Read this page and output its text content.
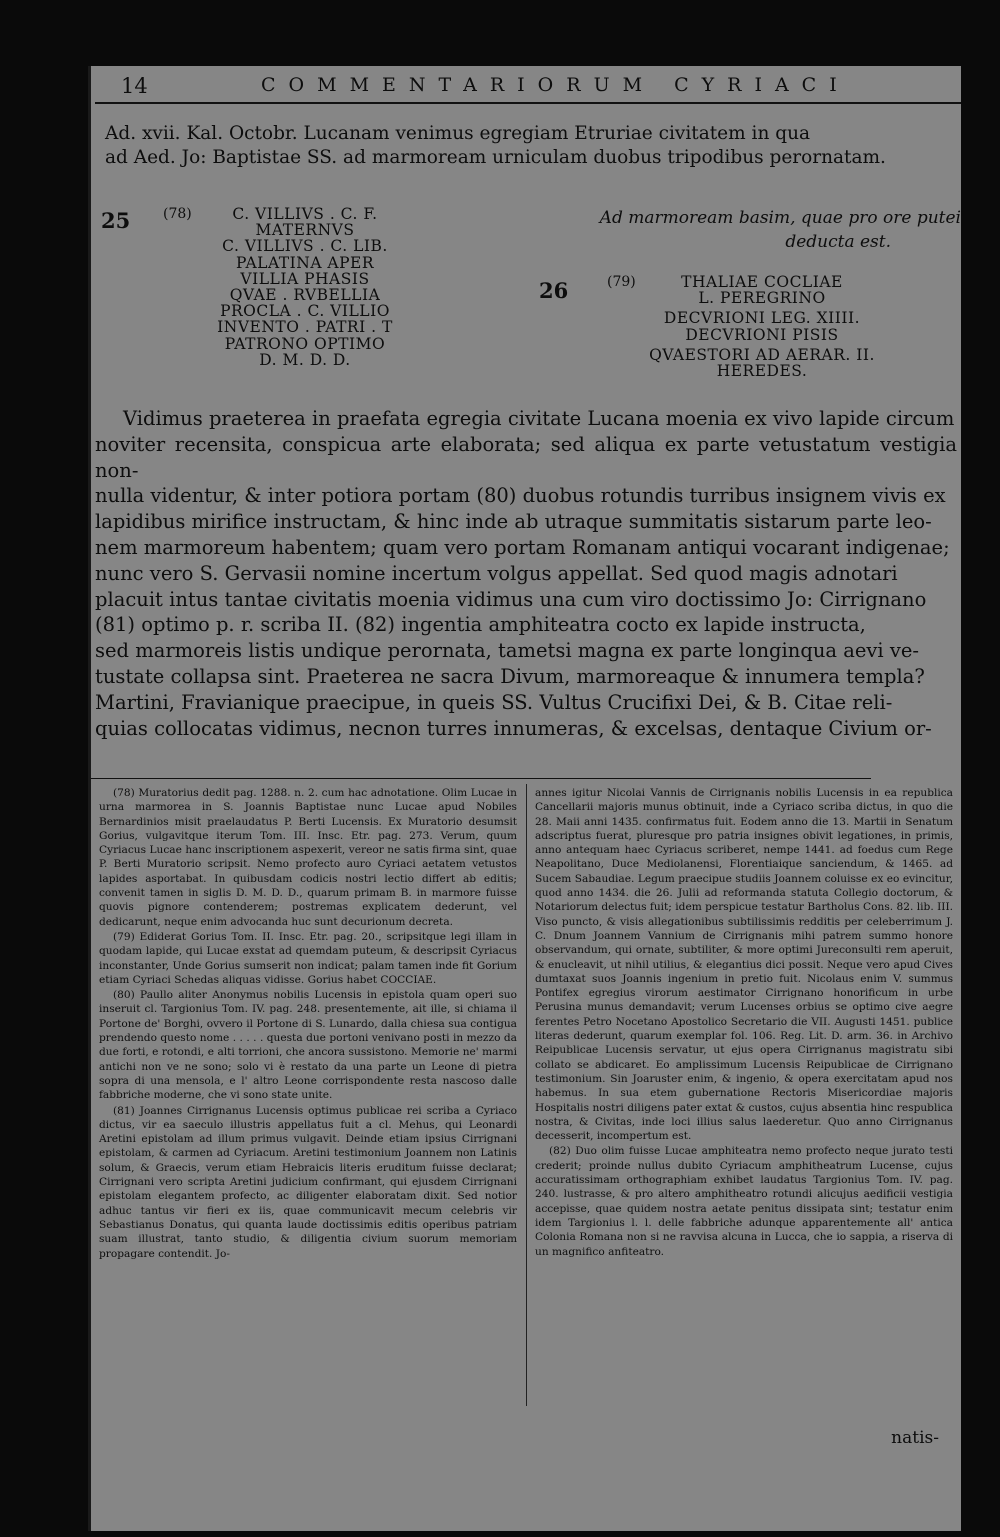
14	COMMENTARIORUM CYRIACI
Ad. xvii. Kal. Octobr. Lucanam venimus egregiam Etruriae civitatem in qua
ad Aed. Jo: Baptistae SS. ad marmoream urniculam duobus tripodibus perornatam.
25 (78)	C. VILLIVS . C. F.
MATERNVS
C. VILLIVS . C. LIB.
PALATINA APER
VILLIA PHASIS
QVAE . RVBELLIA
PROCLA . C. VILLIO
INVENTO . PATRI . T
PATRONO OPTIMO
D. M. D. D.
Ad marmoream basim, quae pro ore putei
deducta est.
26	(79)	THALIAE COCLIAE
L. PEREGRINO
DECVRIONI LEG. XIIII.
DECVRIONI PISIS
QVAESTORI AD AERAR. II.
HEREDES.

Vidimus praeterea in praefata egregia civitate Lucana moenia ex vivo lapide circum

noviter recensita, conspicua arte elaborata; sed aliqua ex parte vetustatum vestigia non-

nulla videntur, & inter potiora portam (80) duobus rotundis turribus insignem vivis ex

lapidibus mirifice instructam, & hinc inde ab utraque summitatis sistarum parte leo-

nem marmoreum habentem; quam vero portam Romanam antiqui vocarant indigenae;

nunc vero S. Gervasii nomine incertum volgus appellat. Sed quod magis adnotari

placuit intus tantae civitatis moenia vidimus una cum viro doctissimo Jo: Cirrignano

(81) optimo p. r. scriba II. (82) ingentia amphiteatra cocto ex lapide instructa,

sed marmoreis listis undique perornata, tametsi magna ex parte longinqua aevi ve-

tustate collapsa sint. Praeterea ne sacra Divum, marmoreaque & innumera templa?

Martini, Fravianique praecipue, in queis SS. Vultus Crucifixi Dei, & B. Citae reli-

quias collocatas vidimus, necnon turres innumeras, & excelsas, dentaque Civium or-

(78) Muratorius dedit pag. 1288. n. 2. cum hac adnotatione. Olim Lucae in urna marmorea in S. Joannis Baptistae nunc Lucae apud Nobiles Bernardinios misit praelaudatus P. Berti Lucensis. Ex Muratorio desumsit Gorius, vulgavitque iterum Tom. III. Insc. Etr. pag. 273. Verum, quum Cyriacus Lucae hanc inscriptionem aspexerit, vereor ne satis firma sint, quae P. Berti Muratorio scripsit. Nemo profecto auro Cyriaci aetatem vetustos lapides asportabat. In quibusdam codicis nostri lectio differt ab editis; convenit tamen in siglis D. M. D. D., quarum primam B. in marmore fuisse quovis pignore contenderem; postremas explicatem dederunt, vel dedicarunt, neque enim advocanda huc sunt decurionum decreta.

(79) Ediderat Gorius Tom. II. Insc. Etr. pag. 20., scripsitque legi illam in quodam lapide, qui Lucae exstat ad quemdam puteum, & descripsit Cyriacus inconstanter, Unde Gorius sumserit non indicat; palam tamen inde fit Gorium etiam Cyriaci Schedas aliquas vidisse. Gorius habet COCCIAE.

(80) Paullo aliter Anonymus nobilis Lucensis in epistola quam operi suo inseruit cl. Targionius Tom. IV. pag. 248. presentemente, ait ille, si chiama il Portone de' Borghi, ovvero il Portone di S. Lunardo, dalla chiesa sua contigua prendendo questo nome . . . . . questa due portoni venivano posti in mezzo da due forti, e rotondi, e alti torrioni, che ancora sussistono. Memorie ne' marmi antichi non ve ne sono; solo vi è restato da una parte un Leone di pietra sopra di una mensola, e l' altro Leone corrispondente resta nascoso dalle fabbriche moderne, che vi sono state unite.

(81) Joannes Cirrignanus Lucensis optimus publicae rei scriba a Cyriaco dictus, vir ea saeculo illustris appellatus fuit a cl. Mehus, qui Leonardi Aretini epistolam ad illum primus vulgavit. Deinde etiam ipsius Cirrignani epistolam, & carmen ad Cyriacum. Aretini testimonium Joannem non Latinis solum, & Graecis, verum etiam Hebraicis literis eruditum fuisse declarat; Cirrignani vero scripta Aretini judicium confirmant, qui ejusdem Cirrignani epistolam elegantem profecto, ac diligenter elaboratam dixit. Sed notior adhuc tantus vir fieri ex iis, quae communicavit mecum celebris vir Sebastianus Donatus, qui quanta laude doctissimis editis operibus patriam suam illustrat, tanto studio, & diligentia civium suorum memoriam propagare contendit. Jo-

annes igitur Nicolai Vannis de Cirrignanis nobilis Lucensis in ea republica Cancellarii majoris munus obtinuit, inde a Cyriaco scriba dictus, in quo die 28. Maii anni 1435. confirmatus fuit. Eodem anno die 13. Martii in Senatum adscriptus fuerat, pluresque pro patria insignes obivit legationes, in primis, anno antequam haec Cyriacus scriberet, nempe 1441. ad foedus cum Rege Neapolitano, Duce Mediolanensi, Florentiaique sanciendum, & 1465. ad Sucem Sabaudiae. Legum praecipue studiis Joannem coluisse ex eo evincitur, quod anno 1434. die 26. Julii ad reformanda statuta Collegio doctorum, & Notariorum delectus fuit; idem perspicue testatur Bartholus Cons. 82. lib. III. Viso puncto, & visis allegationibus subtilissimis redditis per celeberrimum J. C. Dnum Joannem Vannium de Cirrignanis mihi patrem summo honore observandum, qui ornate, subtiliter, & more optimi Jureconsulti rem aperuit, & enucleavit, ut nihil utilius, & elegantius dici possit. Neque vero apud Cives dumtaxat suos Joannis ingenium in pretio fuit. Nicolaus enim V. summus Pontifex egregius virorum aestimator Cirrignano honorificum in urbe Perusina munus demandavit; verum Lucenses orbius se optimo cive aegre ferentes Petro Nocetano Apostolico Secretario die VII. Augusti 1451. publice literas dederunt, quarum exemplar fol. 106. Reg. Lit. D. arm. 36. in Archivo Reipublicae Lucensis servatur, ut ejus opera Cirrignanus magistratu sibi collato se abdicaret. Eo amplissimum Lucensis Reipublicae de Cirrignano testimonium. Sin Joaruster enim, & ingenio, & opera exercitatam apud nos habemus. In sua etem gubernatione Rectoris Misericordiae majoris Hospitalis nostri diligens pater extat & custos, cujus absentia hinc respublica nostra, & Civitas, inde loci illius salus laederetur. Quo anno Cirrignanus decesserit, incompertum est.

(82) Duo olim fuisse Lucae amphiteatra nemo profecto neque jurato testi crederit; proinde nullus dubito Cyriacum amphitheatrum Lucense, cujus accuratissimam orthographiam exhibet laudatus Targionius Tom. IV. pag. 240. lustrasse, & pro altero amphitheatro rotundi alicujus aedificii vestigia accepisse, quae quidem nostra aetate penitus dissipata sint; testatur enim idem Targionius l. l. delle fabbriche adunque apparentemente all' antica Colonia Romana non si ne ravvisa alcuna in Lucca, che io sappia, a riserva di un magnifico anfiteatro.

natis-
